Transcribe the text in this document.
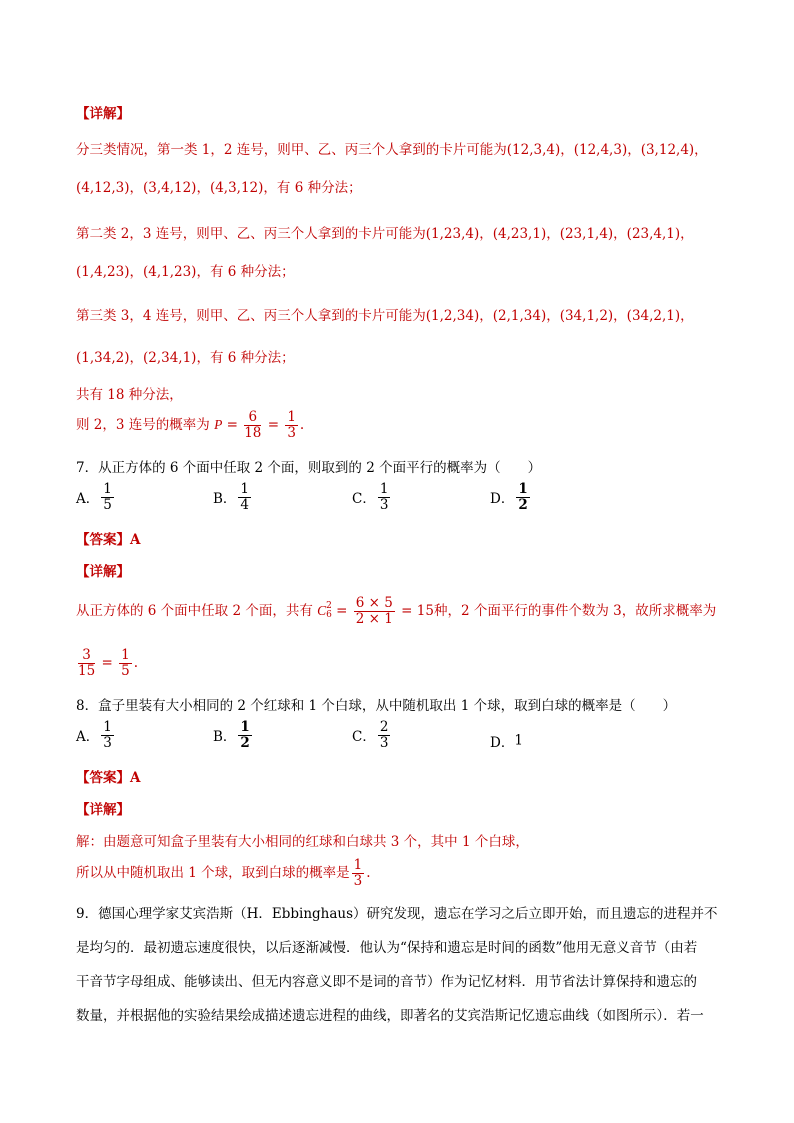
【详解】
分三类情况，第一类 1，2 连号，则甲、乙、丙三个人拿到的卡片可能为(12,3,4)，(12,4,3)，(3,12,4)，
(4,12,3)，(3,4,12)，(4,3,12)，有 6 种分法；
第二类 2，3 连号，则甲、乙、丙三个人拿到的卡片可能为(1,23,4)，(4,23,1)，(23,1,4)，(23,4,1)，
(1,4,23)，(4,1,23)，有 6 种分法；
第三类 3，4 连号，则甲、乙、丙三个人拿到的卡片可能为(1,2,34)，(2,1,34)，(34,1,2)，(34,2,1)，
(1,34,2)，(2,34,1)，有 6 种分法；
共有 18 种分法，
则 2，3 连号的概率为 $P = \frac{6}{18} = \frac{1}{3}$ .
7．从正方体的 6 个面中任取 2 个面，则取到的 2 个面平行的概率为（　　）
A． $\frac{1}{5}$	B． $\frac{1}{4}$	C． $\frac{1}{3}$	D． $\frac{1}{2}$
【答案】A
【详解】
从正方体的 6 个面中任取 2 个面，共有 C 2
$6 = \frac{6 \times 5}{2 \times 1} = 15$种，2 个面平行的事件个数为 3，故所求概率为
$\frac{3}{15} = \frac{1}{5}$ .
8．盒子里装有大小相同的 2 个红球和 1 个白球，从中随机取出 1 个球，取到白球的概率是（　　）
A． $\frac{1}{3}$	B． $\frac{1}{2}$	C． $\frac{2}{3}$	D．1
【答案】A
【详解】
解：由题意可知盒子里装有大小相同的红球和白球共 3 个，其中 1 个白球，
所以从中随机取出 1 个球，取到白球的概率是 $\frac{1}{3}$ .
9．德国心理学家艾宾浩斯（H．Ebbinghaus）研究发现，遗忘在学习之后立即开始，而且遗忘的进程并不
是均匀的．最初遗忘速度很快，以后逐渐减慢．他认为“保持和遗忘是时间的函数”他用无意义音节（由若
干音节字母组成、能够读出、但无内容意义即不是词的音节）作为记忆材料．用节省法计算保持和遗忘的
数量，并根据他的实验结果绘成描述遗忘进程的曲线，即著名的艾宾浩斯记忆遗忘曲线（如图所示）．若一
